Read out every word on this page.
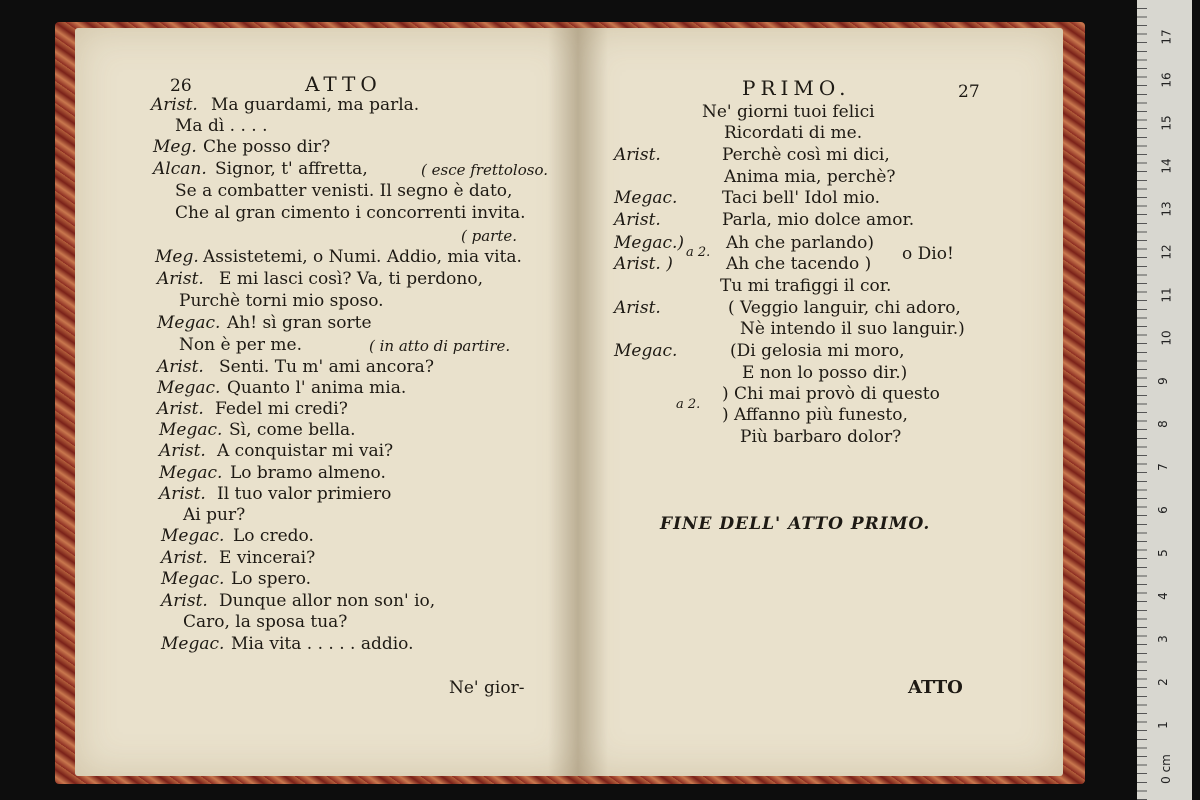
26	ATTO
Arist. Ma guardami, ma parla.
Ma dì . . . .
Meg. Che posso dir?
Alcan. Signor, t' affretta,	( esce frettoloso.
Se a combatter venisti. Il segno è dato,
Che al gran cimento i concorrenti invita.
( parte.
Meg. Assistetemi, o Numi. Addio, mia vita.
Arist. E mi lasci così? Va, ti perdono,
Purchè torni mio sposo.
Megac. Ah! sì gran sorte
Non è per me.	( in atto di partire.
Arist. Senti. Tu m' ami ancora?
Megac. Quanto l' anima mia.
Arist. Fedel mi credi?
Megac. Sì, come bella.
Arist. A conquistar mi vai?
Megac. Lo bramo almeno.
Arist. Il tuo valor primiero
Ai pur?
Megac. Lo credo.
Arist. E vincerai?
Megac. Lo spero.
Arist. Dunque allor non son' io,
Caro, la sposa tua?
Megac. Mia vita . . . . . addio.
Ne' gior-
PRIMO.	27
Ne' giorni tuoi felici
Ricordati di me.
Arist.	Perchè così mi dici,
Anima mia, perchè?
Megac.	Taci bell' Idol mio.
Arist.	Parla, mio dolce amor.
Megac.) a 2. Ah che parlando)
Arist. )	Ah che tacendo ) o Dio!
Tu mi trafiggi il cor.
Arist.	( Veggio languir, chi adoro,
Nè intendo il suo languir.)
Megac.	(Di gelosia mi moro,
E non lo posso dir.)
) Chi mai provò di questo
a 2.
) Affanno più funesto,
Più barbaro dolor?
FINE DELL' ATTO PRIMO.
ATTO
17
16
15
14
13
12
11
10
9
8
7
6
5
4
3
2
1
0 cm
